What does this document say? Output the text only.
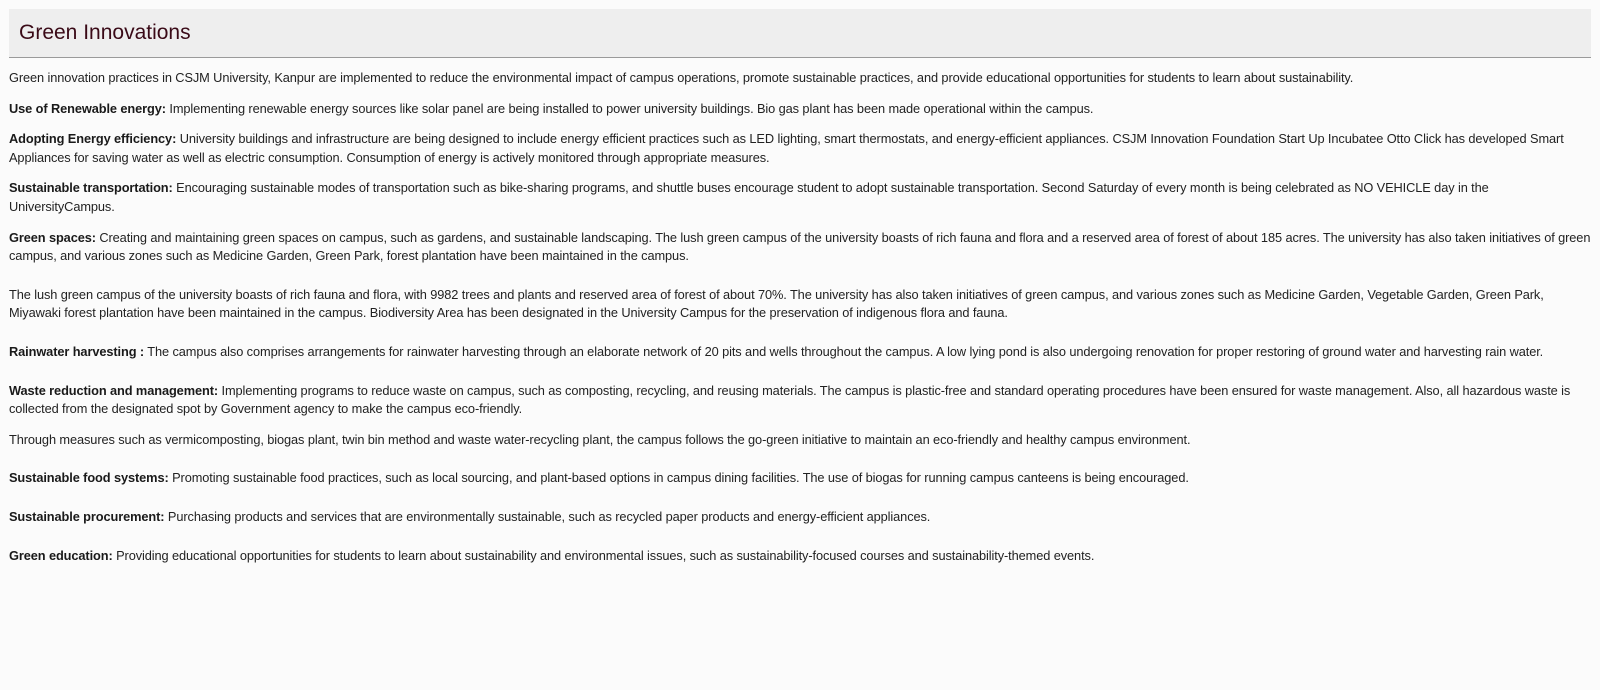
Green Innovations

Green innovation practices in CSJM University, Kanpur are implemented to reduce the environmental impact of campus operations, promote sustainable practices, and provide educational opportunities for students to learn about sustainability.

Use of Renewable energy: Implementing renewable energy sources like solar panel are being installed to power university buildings. Bio gas plant has been made operational within the campus.

Adopting Energy efficiency: University buildings and infrastructure are being designed to include energy efficient practices such as LED lighting, smart thermostats, and energy-efficient appliances. CSJM Innovation Foundation Start Up Incubatee Otto Click has developed Smart Appliances for saving water as well as electric consumption. Consumption of energy is actively monitored through appropriate measures.

Sustainable transportation: Encouraging sustainable modes of transportation such as bike-sharing programs, and shuttle buses encourage student to adopt sustainable transportation. Second Saturday of every month is being celebrated as NO VEHICLE day in the UniversityCampus.

Green spaces: Creating and maintaining green spaces on campus, such as gardens, and sustainable landscaping. The lush green campus of the university boasts of rich fauna and flora and a reserved area of forest of about 185 acres. The university has also taken initiatives of green campus, and various zones such as Medicine Garden, Green Park, forest plantation have been maintained in the campus.

The lush green campus of the university boasts of rich fauna and flora, with 9982 trees and plants and reserved area of forest of about 70%. The university has also taken initiatives of green campus, and various zones such as Medicine Garden, Vegetable Garden, Green Park, Miyawaki forest plantation have been maintained in the campus. Biodiversity Area has been designated in the University Campus for the preservation of indigenous flora and fauna.

Rainwater harvesting : The campus also comprises arrangements for rainwater harvesting through an elaborate network of 20 pits and wells throughout the campus. A low lying pond is also undergoing renovation for proper restoring of ground water and harvesting rain water.

Waste reduction and management: Implementing programs to reduce waste on campus, such as composting, recycling, and reusing materials. The campus is plastic-free and standard operating procedures have been ensured for waste management. Also, all hazardous waste is collected from the designated spot by Government agency to make the campus eco-friendly.

Through measures such as vermicomposting, biogas plant, twin bin method and waste water-recycling plant, the campus follows the go-green initiative to maintain an eco-friendly and healthy campus environment.

Sustainable food systems: Promoting sustainable food practices, such as local sourcing, and plant-based options in campus dining facilities. The use of biogas for running campus canteens is being encouraged.

Sustainable procurement: Purchasing products and services that are environmentally sustainable, such as recycled paper products and energy-efficient appliances.

Green education: Providing educational opportunities for students to learn about sustainability and environmental issues, such as sustainability-focused courses and sustainability-themed events.
